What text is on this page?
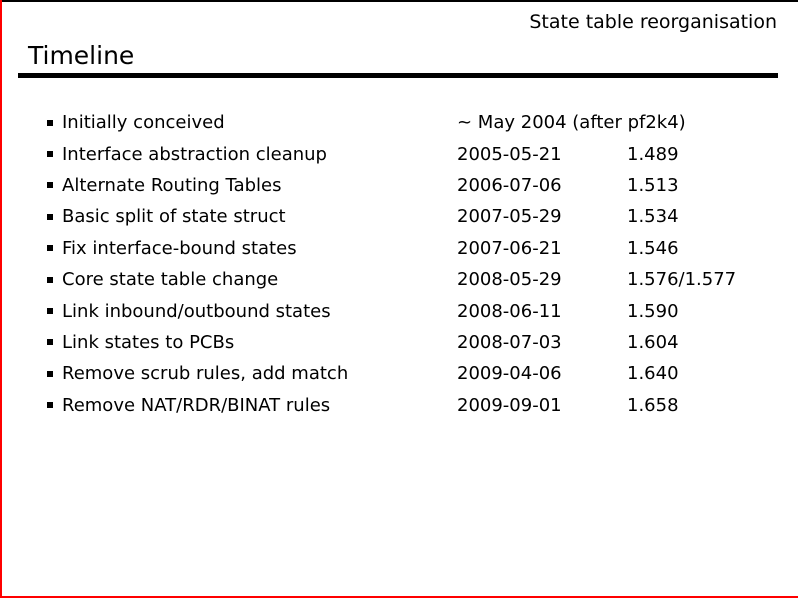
State table reorganisation
Timeline
Initially conceived	~ May 2004 (after pf2k4)
Interface abstraction cleanup	2005-05-21	1.489
Alternate Routing Tables	2006-07-06	1.513
Basic split of state struct	2007-05-29	1.534
Fix interface-bound states	2007-06-21	1.546
Core state table change	2008-05-29	1.576/1.577
Link inbound/outbound states	2008-06-11	1.590
Link states to PCBs	2008-07-03	1.604
Remove scrub rules, add match	2009-04-06	1.640
Remove NAT/RDR/BINAT rules	2009-09-01	1.658
